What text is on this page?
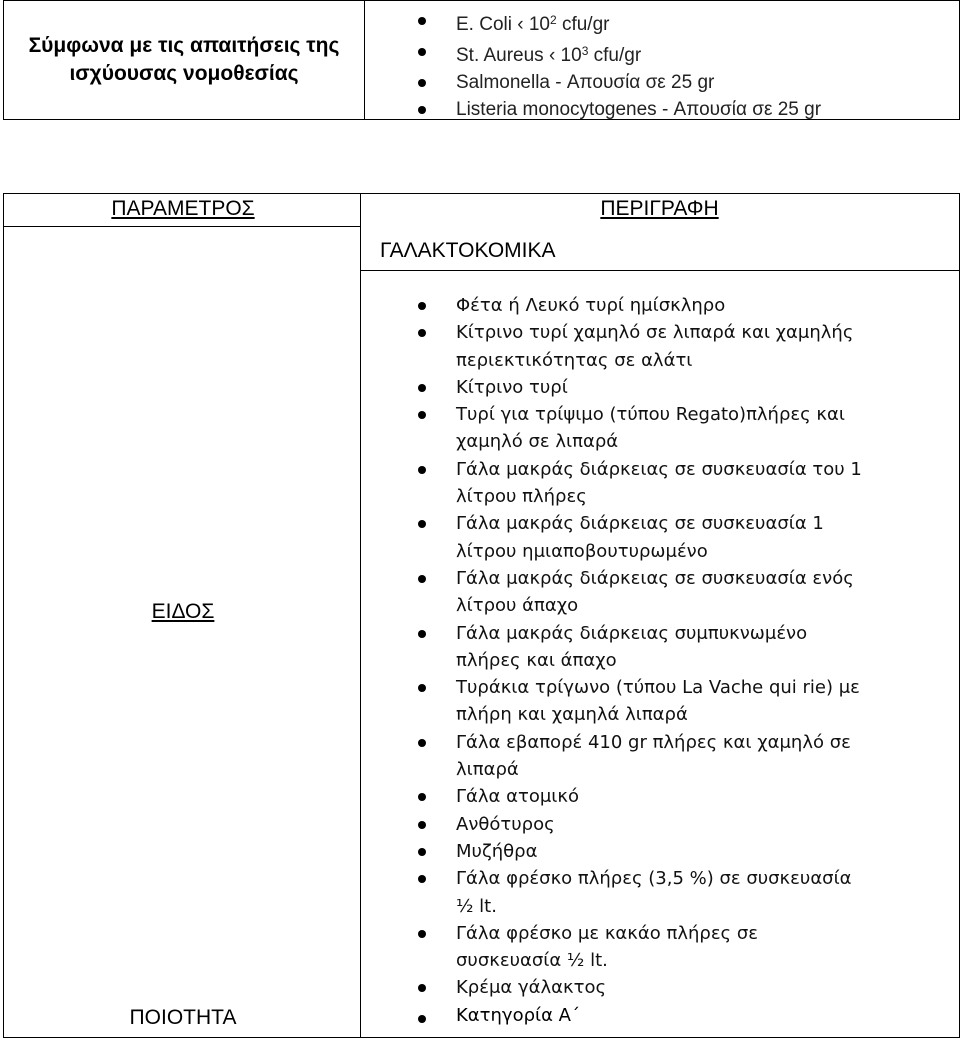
Σύμφωνα με τις απαιτήσεις της ισχύουσας νομοθεσίας
E. Coli ‹ $10^2$ cfu/gr
St. Aureus ‹ $10^3$ cfu/gr
Salmonella - Απουσία σε 25 gr
Listeria monocytogenes - Απουσία σε 25 gr
ΠΑΡΑΜΕΤΡΟΣ	ΠΕΡΙΓΡΑΦΗ
ΓΑΛΑΚΤΟΚΟΜΙΚΑ
ΕΙΔΟΣ
ΠΟΙΟΤΗΤΑ
Φέτα ή Λευκό τυρί ημίσκληρο
Κίτρινο τυρί χαμηλό σε λιπαρά και χαμηλής
περιεκτικότητας σε αλάτι
Κίτρινο τυρί
Τυρί για τρίψιμο (τύπου Regato)πλήρες και
χαμηλό σε λιπαρά
Γάλα μακράς διάρκειας σε συσκευασία του 1
λίτρου πλήρες
Γάλα μακράς διάρκειας σε συσκευασία 1
λίτρου ημιαποβουτυρωμένο
Γάλα μακράς διάρκειας σε συσκευασία ενός
λίτρου άπαχο
Γάλα μακράς διάρκειας συμπυκνωμένο
πλήρες και άπαχο
Τυράκια τρίγωνο (τύπου La Vache qui rie) με
πλήρη και χαμηλά λιπαρά
Γάλα εβαπορέ 410 gr πλήρες και χαμηλό σε
λιπαρά
Γάλα ατομικό
Ανθότυρος
Μυζήθρα
Γάλα φρέσκο πλήρες (3,5 %) σε συσκευασία
½ lt.
Γάλα φρέσκο με κακάο πλήρες σε
συσκευασία ½ lt.
Κρέμα γάλακτος
Κατηγορία Α΄
